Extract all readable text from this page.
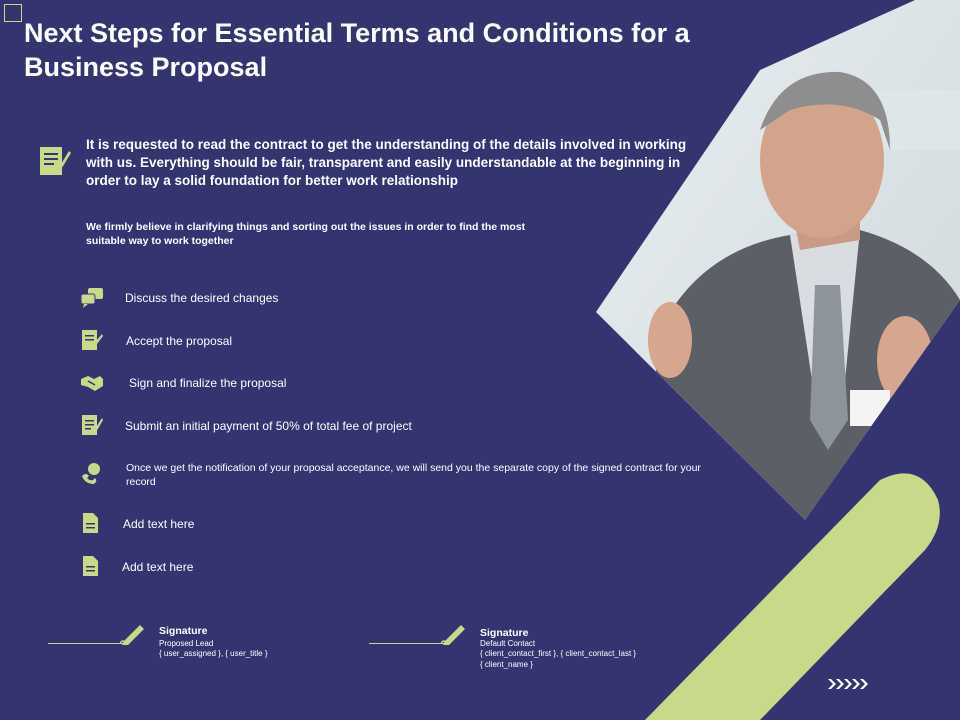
Next Steps for Essential Terms and Conditions for a Business Proposal

It is requested to read the contract to get the understanding of the details involved in working with us. Everything should be fair, transparent and easily understandable at the beginning in order to lay a solid foundation for better work relationship

We firmly believe in clarifying things and sorting out the issues in order to find the most suitable way to work together

Discuss the desired changes

Accept the proposal

Sign and finalize the proposal

Submit an initial payment of 50% of total fee of project

Once we get the notification of your proposal acceptance, we will send you the separate copy of the signed contract for your record

Add text here

Add text here

Signature

Proposed Lead

{ user_assigned }, { user_title }

Signature

Default Contact

{ client_contact_first }, { client_contact_last }

{ client_name }
